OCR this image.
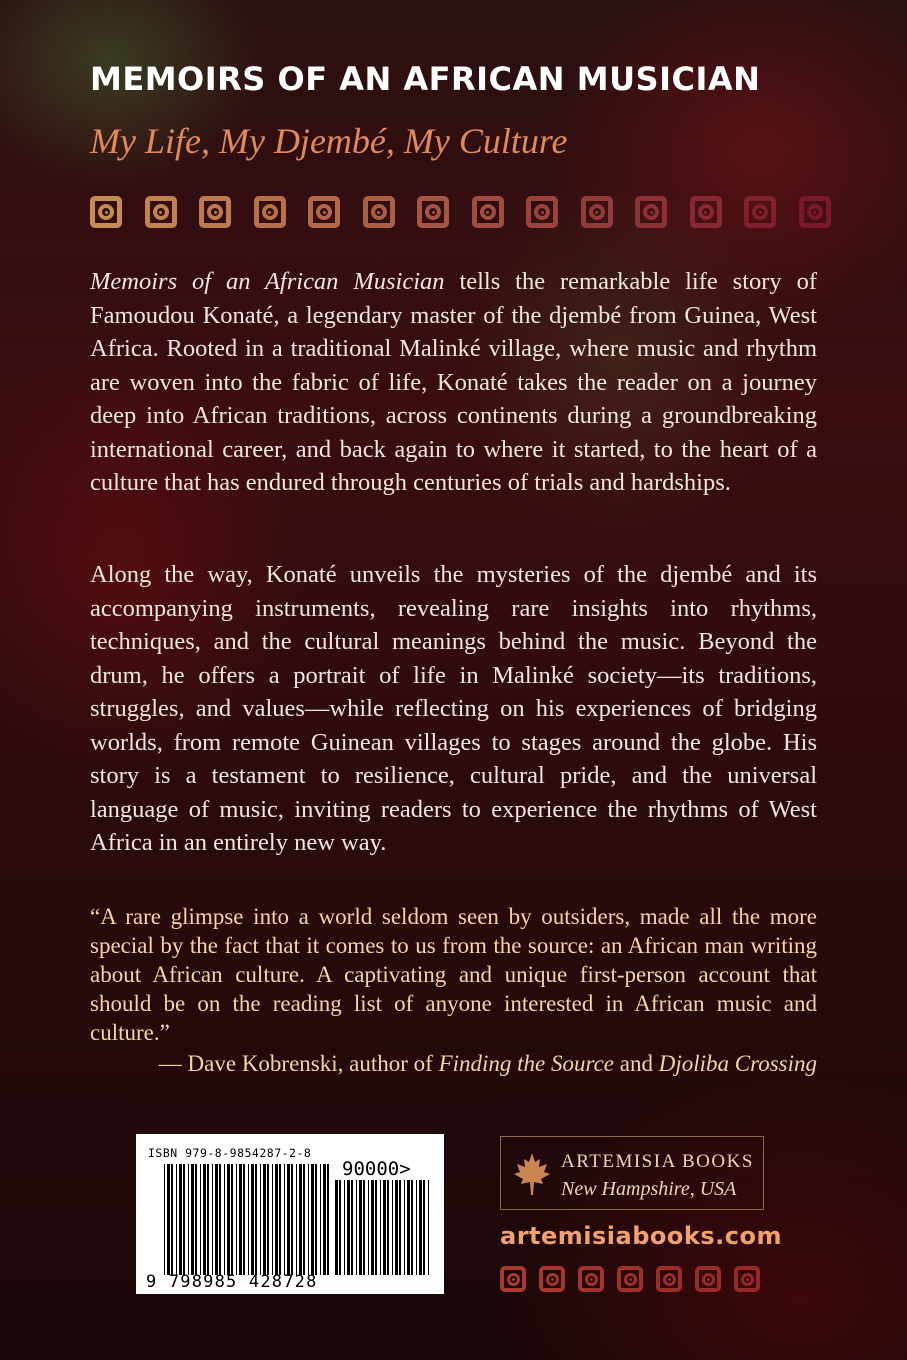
MEMOIRS OF AN AFRICAN MUSICIAN
My Life, My Djembé, My Culture

Memoirs of an African Musician tells the remarkable life story of Famoudou Konaté, a legendary master of the djembé from Guinea, West Africa. Rooted in a traditional Malinké village, where music and rhythm are woven into the fabric of life, Konaté takes the reader on a journey deep into African traditions, across continents during a groundbreaking international career, and back again to where it started, to the heart of a culture that has endured through centuries of trials and hardships.

Along the way, Konaté unveils the mysteries of the djembé and its accompanying instruments, revealing rare insights into rhythms, techniques, and the cultural meanings behind the music. Beyond the drum, he offers a portrait of life in Malinké society—its traditions, struggles, and values—while reflecting on his experiences of bridging worlds, from remote Guinean villages to stages around the globe. His story is a testament to resilience, cultural pride, and the universal language of music, inviting readers to experience the rhythms of West Africa in an entirely new way.

“A rare glimpse into a world seldom seen by outsiders, made all the more special by the fact that it comes to us from the source: an African man writing about African culture. A captivating and unique first-person account that should be on the reading list of anyone interested in African music and culture.”

— Dave Kobrenski, author of Finding the Source and Djoliba Crossing

ISBN 979-8-9854287-2-8
90000>
9 798985 428728
ARTEMISIA BOOKS
New Hampshire, USA
artemisiabooks.com
